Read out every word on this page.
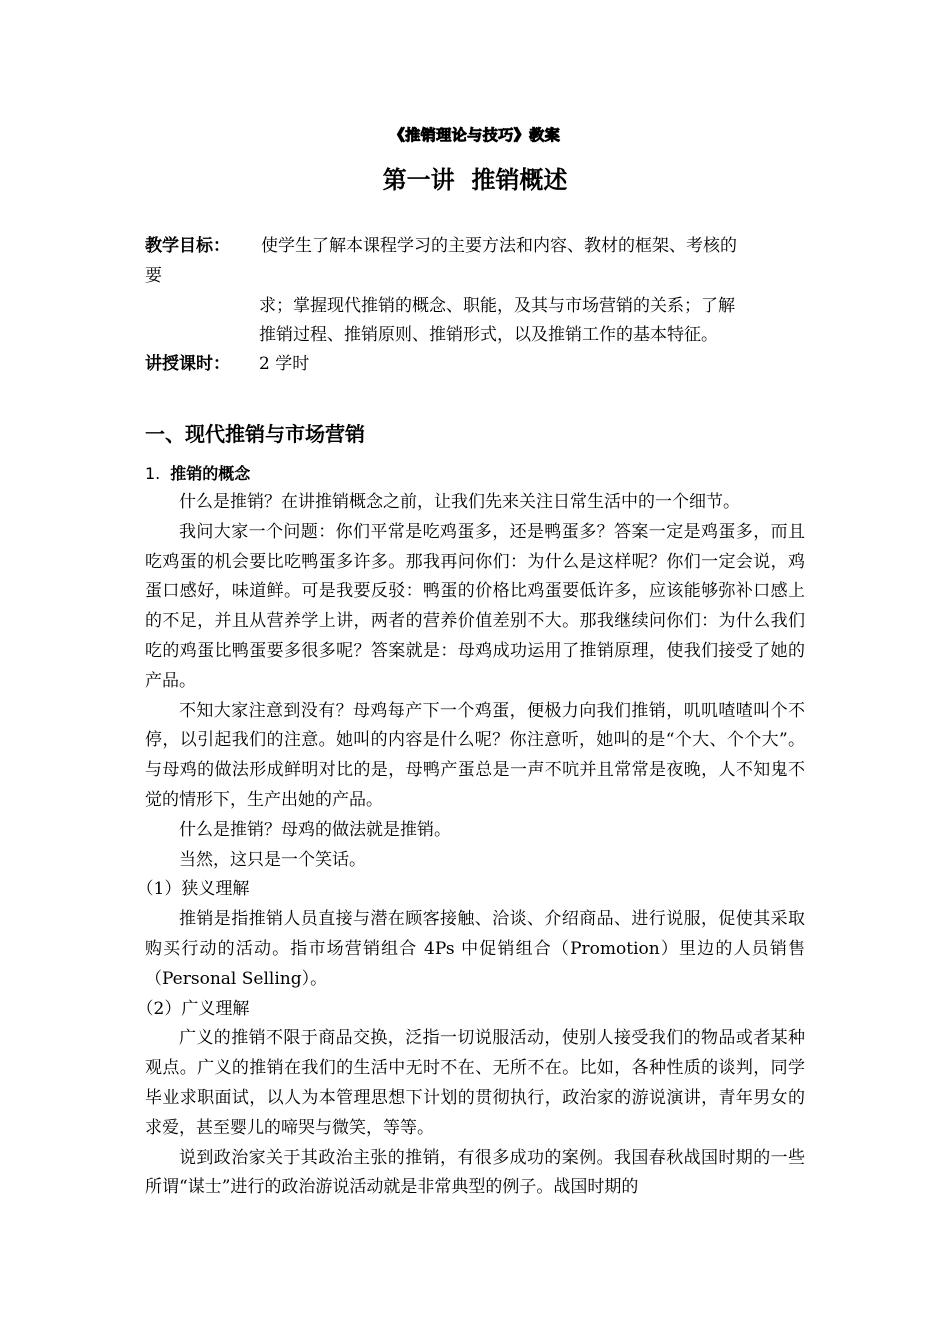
《推销理论与技巧》教案
第一讲  推销概述
教学目标： 使学生了解本课程学习的主要方法和内容、教材的框架、考核的
要
求；掌握现代推销的概念、职能，及其与市场营销的关系；了解
推销过程、推销原则、推销形式，以及推销工作的基本特征。
讲授课时： 2 学时
一、现代推销与市场营销
1. 推销的概念

什么是推销？在讲推销概念之前，让我们先来关注日常生活中的一个细节。

我问大家一个问题：你们平常是吃鸡蛋多，还是鸭蛋多？答案一定是鸡蛋多，而且吃鸡蛋的机会要比吃鸭蛋多许多。那我再问你们：为什么是这样呢？你们一定会说，鸡蛋口感好，味道鲜。可是我要反驳：鸭蛋的价格比鸡蛋要低许多，应该能够弥补口感上的不足，并且从营养学上讲，两者的营养价值差别不大。那我继续问你们：为什么我们吃的鸡蛋比鸭蛋要多很多呢？答案就是：母鸡成功运用了推销原理，使我们接受了她的产品。

不知大家注意到没有？母鸡每产下一个鸡蛋，便极力向我们推销，叽叽喳喳叫个不停，以引起我们的注意。她叫的内容是什么呢？你注意听，她叫的是“个大、个个大”。与母鸡的做法形成鲜明对比的是，母鸭产蛋总是一声不吭并且常常是夜晚，人不知鬼不觉的情形下，生产出她的产品。

什么是推销？母鸡的做法就是推销。

当然，这只是一个笑话。

（1）狭义理解

推销是指推销人员直接与潜在顾客接触、洽谈、介绍商品、进行说服，促使其采取购买行动的活动。指市场营销组合 4Ps 中促销组合（Promotion）里边的人员销售（Personal Selling）。

（2）广义理解

广义的推销不限于商品交换，泛指一切说服活动，使别人接受我们的物品或者某种观点。广义的推销在我们的生活中无时不在、无所不在。比如，各种性质的谈判，同学毕业求职面试，以人为本管理思想下计划的贯彻执行，政治家的游说演讲，青年男女的求爱，甚至婴儿的啼哭与微笑，等等。

说到政治家关于其政治主张的推销，有很多成功的案例。我国春秋战国时期的一些所谓“谋士”进行的政治游说活动就是非常典型的例子。战国时期的
